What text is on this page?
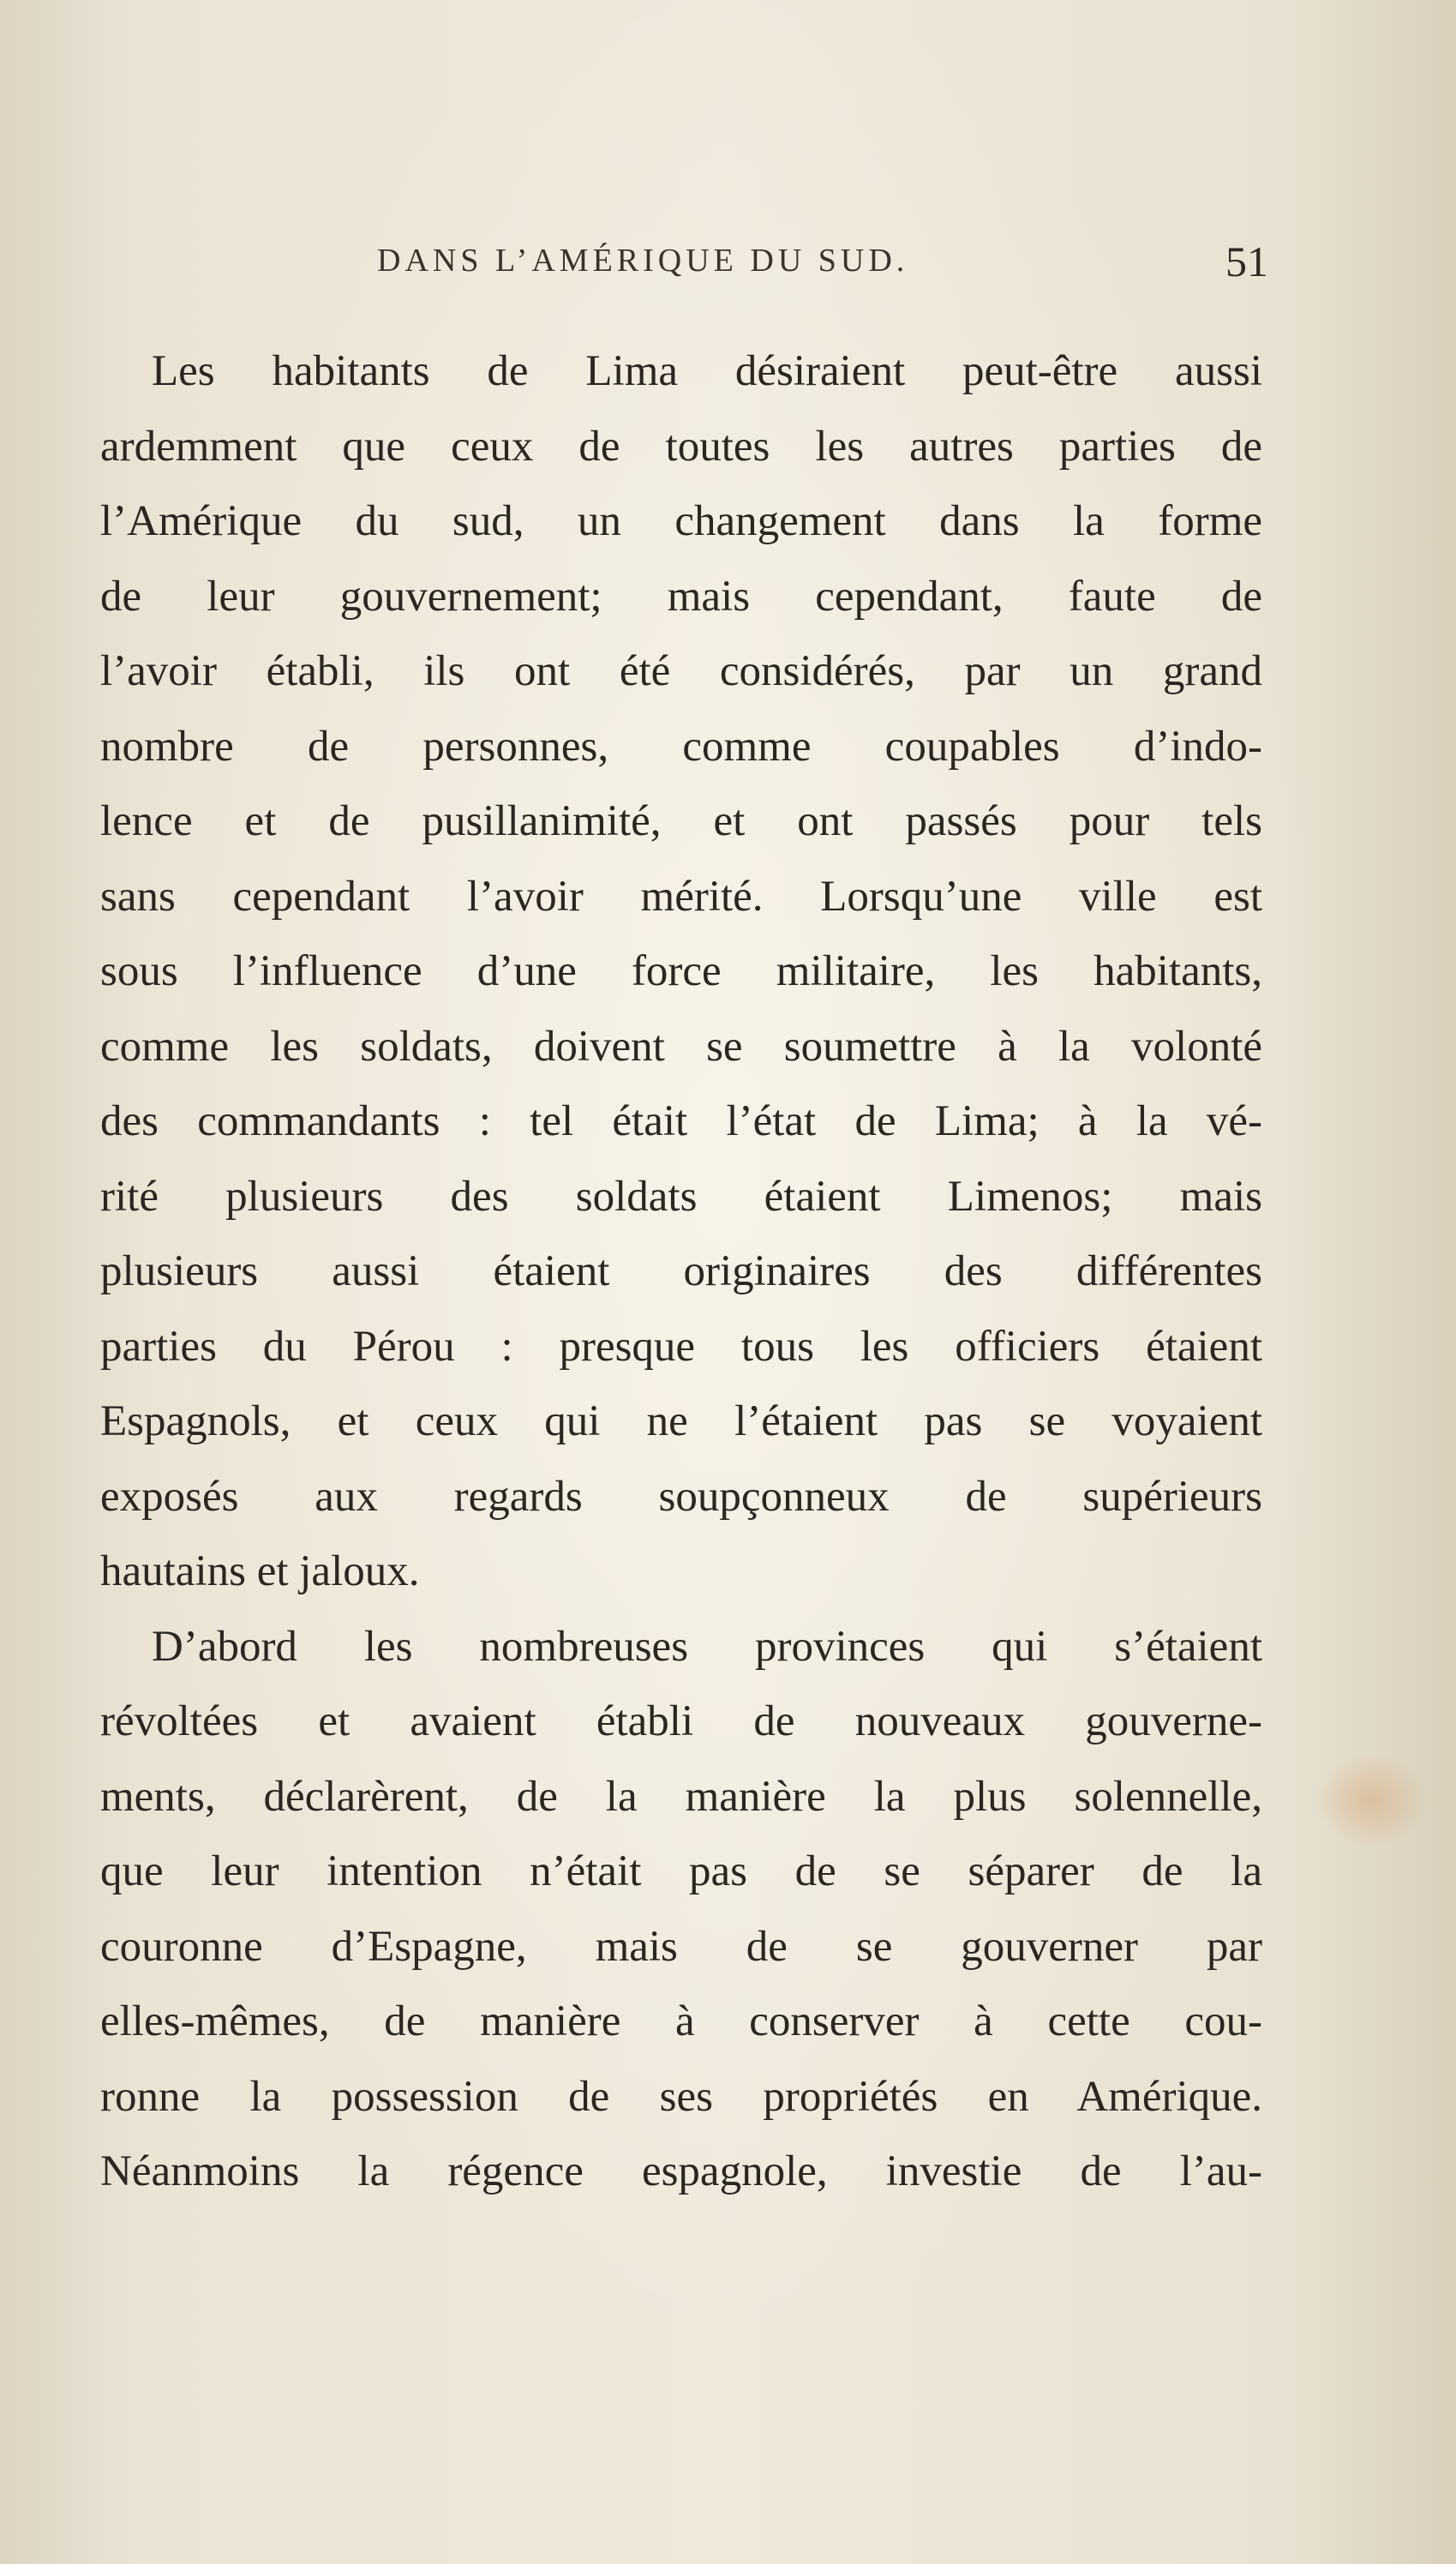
DANS L’AMÉRIQUE DU SUD.	51
Les habitants de Lima désiraient peut-être aussi
ardemment que ceux de toutes les autres parties de
l’Amérique du sud, un changement dans la forme
de leur gouvernement; mais cependant, faute de
l’avoir établi, ils ont été considérés, par un grand
nombre de personnes, comme coupables d’indo-
lence et de pusillanimité, et ont passés pour tels
sans cependant l’avoir mérité. Lorsqu’une ville est
sous l’influence d’une force militaire, les habitants,
comme les soldats, doivent se soumettre à la volonté
des commandants : tel était l’état de Lima; à la vé-
rité plusieurs des soldats étaient Limenos; mais
plusieurs aussi étaient originaires des différentes
parties du Pérou : presque tous les officiers étaient
Espagnols, et ceux qui ne l’étaient pas se voyaient
exposés aux regards soupçonneux de supérieurs
hautains et jaloux.
D’abord les nombreuses provinces qui s’étaient
révoltées et avaient établi de nouveaux gouverne-
ments, déclarèrent, de la manière la plus solennelle,
que leur intention n’était pas de se séparer de la
couronne d’Espagne, mais de se gouverner par
elles-mêmes, de manière à conserver à cette cou-
ronne la possession de ses propriétés en Amérique.
Néanmoins la régence espagnole, investie de l’au-
